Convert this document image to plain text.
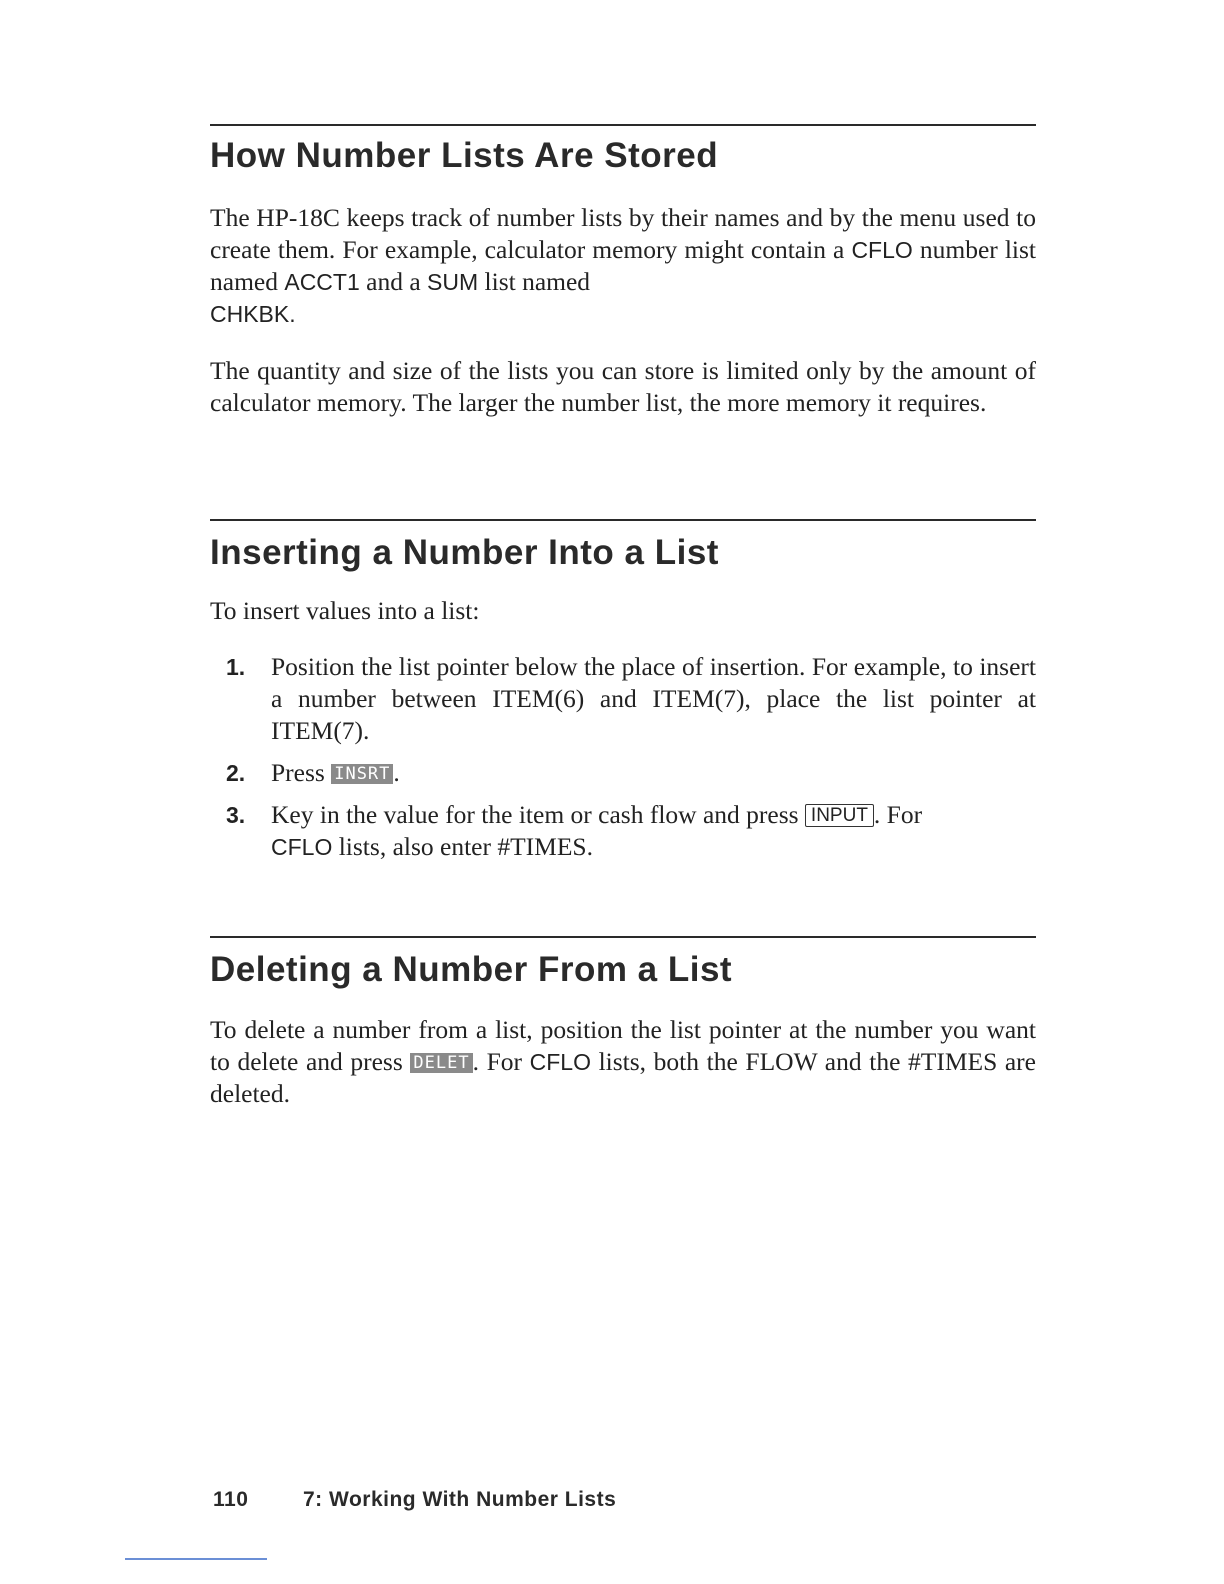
How Number Lists Are Stored

The HP-18C keeps track of number lists by their names and by the menu used to create them. For example, calculator memory might contain a CFLO number list named ACCT1 and a SUM list named
CHKBK.

The quantity and size of the lists you can store is limited only by the amount of calculator memory. The larger the number list, the more memory it requires.

Inserting a Number Into a List

To insert values into a list:

1. Position the list pointer below the place of insertion. For example, to insert a number between ITEM(6) and ITEM(7), place the list pointer at ITEM(7).
2. Press INSRT .
3. Key in the value for the item or cash flow and press INPUT . For
CFLO lists, also enter #TIMES.
Deleting a Number From a List

To delete a number from a list, position the list pointer at the number you want to delete and press DELET . For CFLO lists, both the FLOW and the #TIMES are deleted.

110	7: Working With Number Lists
